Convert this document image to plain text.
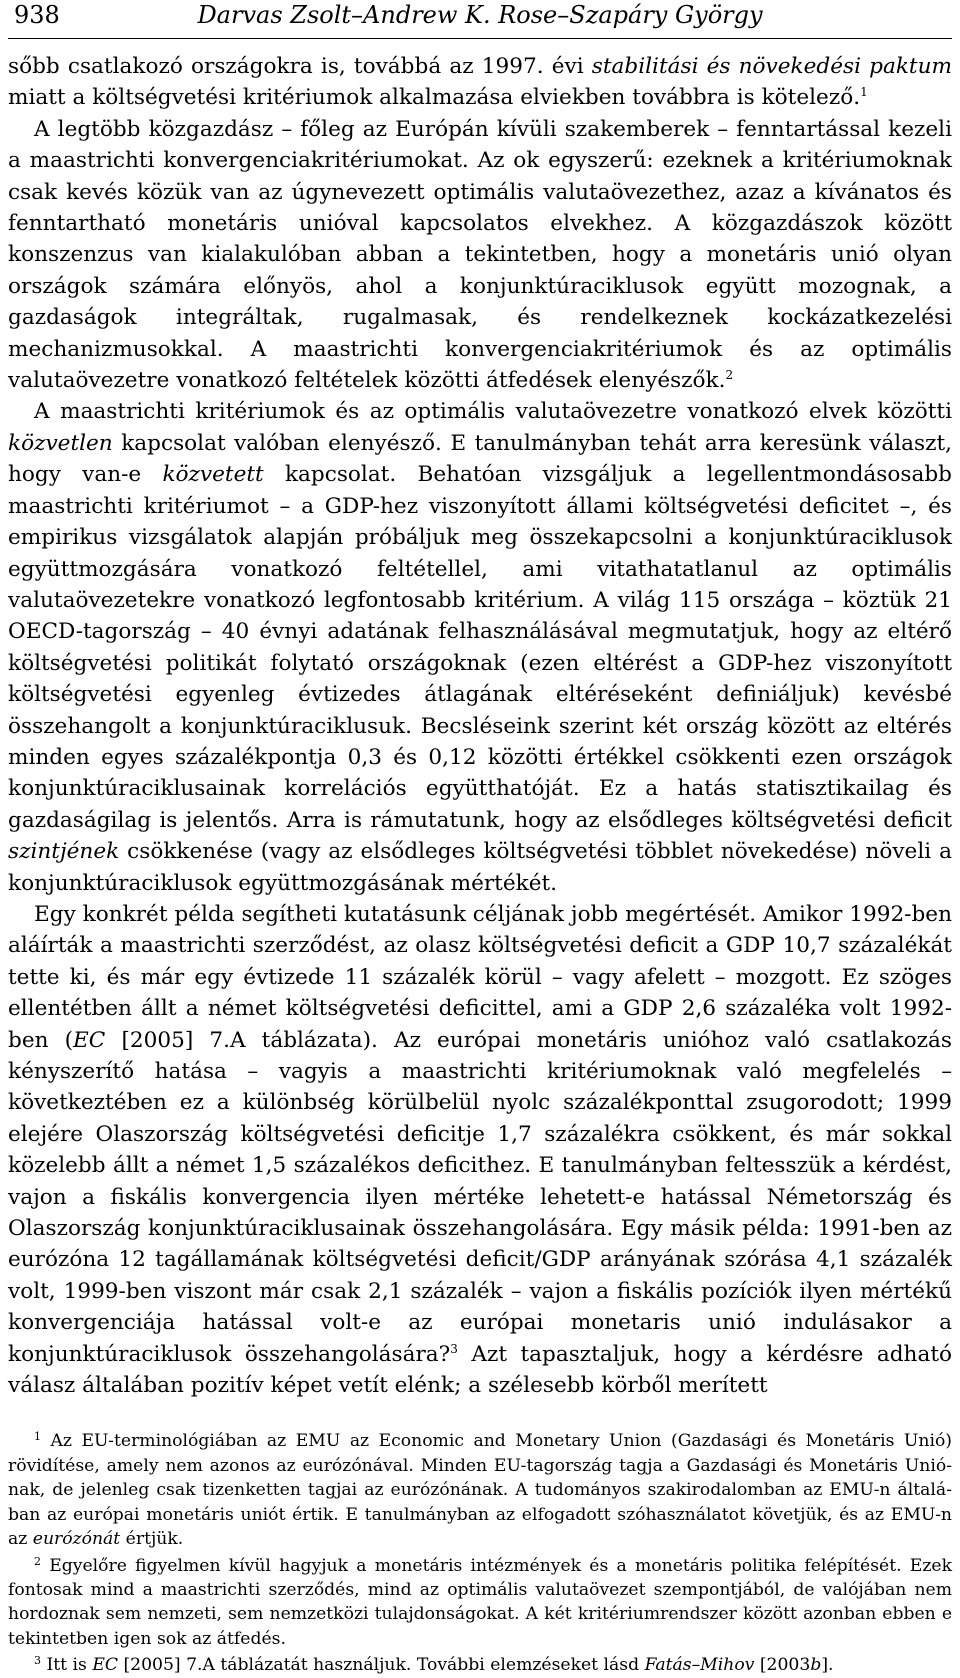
938	Darvas Zsolt–Andrew K. Rose–Szapáry György

sőbb csatlakozó országokra is, továbbá az 1997. évi stabilitási és növekedési paktum miatt a költségvetési kritériumok alkalmazása elviekben továbbra is kötelező.$^1$

A legtöbb közgazdász – főleg az Európán kívüli szakemberek – fenntartással kezeli a maastrichti konvergenciakritériumokat. Az ok egyszerű: ezeknek a kritériumoknak csak kevés közük van az úgynevezett optimális valutaövezethez, azaz a kívánatos és fenntartható monetáris unióval kapcsolatos elvekhez. A közgazdászok között konszenzus van kialakulóban abban a tekintetben, hogy a monetáris unió olyan országok számára előnyös, ahol a konjunktúraciklusok együtt mozognak, a gazdaságok integráltak, rugalmasak, és rendelkeznek kockázatkezelési mechanizmusokkal. A maastrichti konvergenciakritériumok és az optimális valutaövezetre vonatkozó feltételek közötti átfedések elenyészők.$^2$

A maastrichti kritériumok és az optimális valutaövezetre vonatkozó elvek közötti közvetlen kapcsolat valóban elenyésző. E tanulmányban tehát arra keresünk választ, hogy van-e közvetett kapcsolat. Behatóan vizsgáljuk a legellentmondásosabb maastrichti kritériumot – a GDP-hez viszonyított állami költségvetési deficitet –, és empirikus vizsgálatok alapján próbáljuk meg összekapcsolni a konjunktúraciklusok együttmozgására vonatkozó feltétellel, ami vitathatatlanul az optimális valutaövezetekre vonatkozó legfontosabb kritérium. A világ 115 országa – köztük 21 OECD-tagország – 40 évnyi adatának felhasználásával megmutatjuk, hogy az eltérő költségvetési politikát folytató országoknak (ezen eltérést a GDP-hez viszonyított költségvetési egyenleg évtizedes átlagának eltéréseként definiáljuk) kevésbé összehangolt a konjunktúraciklusuk. Becsléseink szerint két ország között az eltérés minden egyes százalékpontja 0,3 és 0,12 közötti értékkel csökkenti ezen országok konjunktúraciklusainak korrelációs együtthatóját. Ez a hatás statisztikailag és gazdaságilag is jelentős. Arra is rámutatunk, hogy az elsődleges költségvetési deficit szintjének csökkenése (vagy az elsődleges költségvetési többlet növekedése) növeli a konjunktúraciklusok együttmozgásának mértékét.

Egy konkrét példa segítheti kutatásunk céljának jobb megértését. Amikor 1992-ben aláírták a maastrichti szerződést, az olasz költségvetési deficit a GDP 10,7 százalékát tette ki, és már egy évtizede 11 százalék körül – vagy afelett – mozgott. Ez szöges ellentétben állt a német költségvetési deficittel, ami a GDP 2,6 százaléka volt 1992-ben (EC [2005] 7.A táblázata). Az európai monetáris unióhoz való csatlakozás kényszerítő hatása – vagyis a maastrichti kritériumoknak való megfelelés – következtében ez a különbség körülbelül nyolc százalékponttal zsugorodott; 1999 elejére Olaszország költségvetési deficitje 1,7 százalékra csökkent, és már sokkal közelebb állt a német 1,5 százalékos deficithez. E tanulmányban feltesszük a kérdést, vajon a fiskális konvergencia ilyen mértéke lehetett-e hatással Németország és Olaszország konjunktúraciklusainak összehangolására. Egy másik példa: 1991-ben az eurózóna 12 tagállamának költségvetési deficit/GDP arányának szórása 4,1 százalék volt, 1999-ben viszont már csak 2,1 százalék – vajon a fiskális pozíciók ilyen mértékű konvergenciája hatással volt-e az európai monetaris unió indulásakor a konjunktúraciklusok összehangolására?$^3$ Azt tapasztaljuk, hogy a kérdésre adható válasz általában pozitív képet vetít elénk; a szélesebb körből merített

$^1$ Az EU-terminológiában az EMU az Economic and Monetary Union (Gazdasági és Monetáris Unió) rövidítése, amely nem azonos az eurózónával. Minden EU-tagország tagja a Gazdasági és Monetáris Uniónak, de jelenleg csak tizenketten tagjai az eurózónának. A tudományos szakirodalomban az EMU-n általában az európai monetáris uniót értik. E tanulmányban az elfogadott szóhasználatot követjük, és az EMU-n az eurózónát értjük.

$^2$ Egyelőre figyelmen kívül hagyjuk a monetáris intézmények és a monetáris politika felépítését. Ezek fontosak mind a maastrichti szerződés, mind az optimális valutaövezet szempontjából, de valójában nem hordoznak sem nemzeti, sem nemzetközi tulajdonságokat. A két kritériumrendszer között azonban ebben e tekintetben igen sok az átfedés.

$^3$ Itt is EC [2005] 7.A táblázatát használjuk. További elemzéseket lásd Fatás–Mihov [2003b].
